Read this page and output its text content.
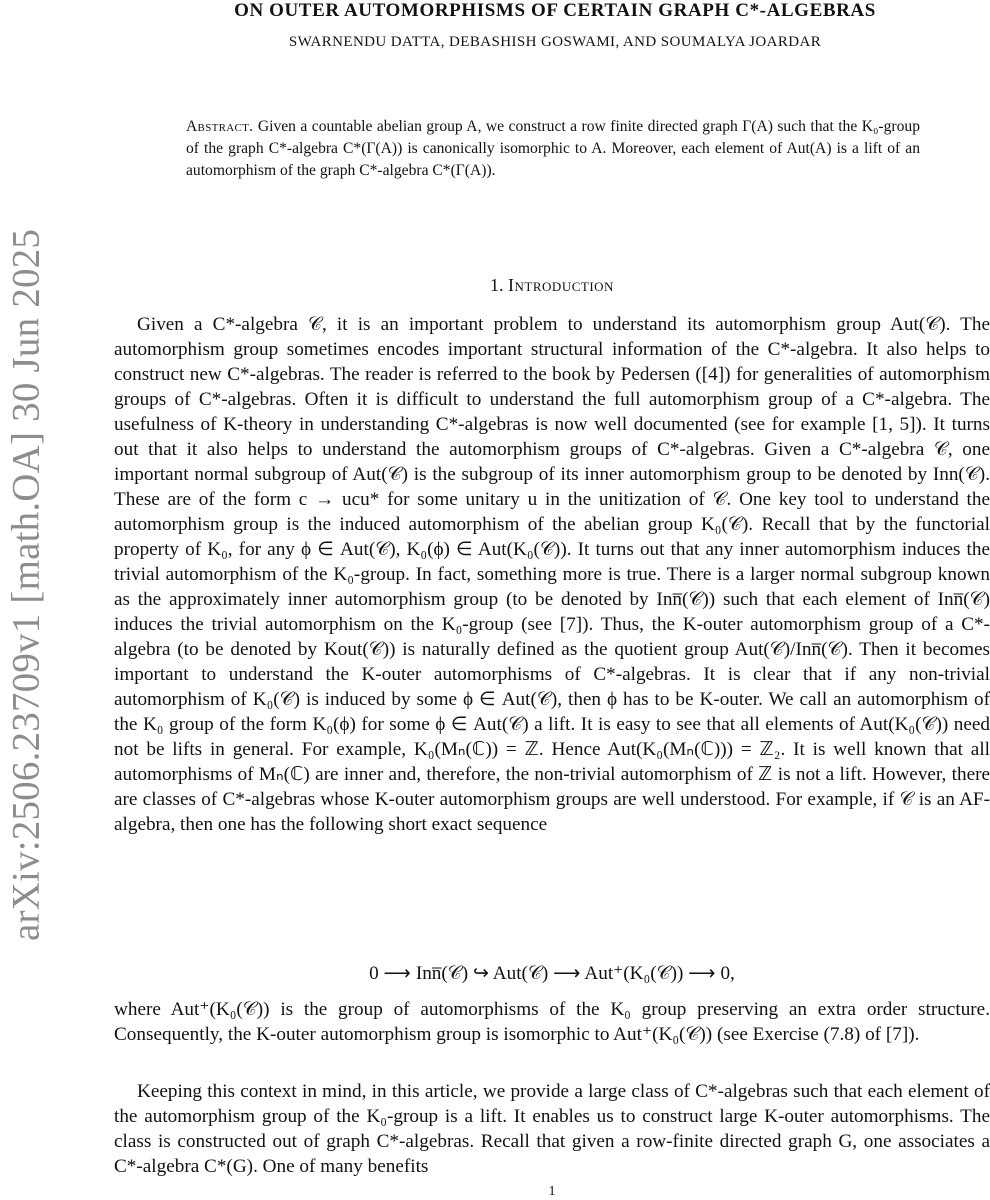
arXiv:2506.23709v1 [math.OA] 30 Jun 2025
ON OUTER AUTOMORPHISMS OF CERTAIN GRAPH C*-ALGEBRAS
SWARNENDU DATTA, DEBASHISH GOSWAMI, AND SOUMALYA JOARDAR
Abstract. Given a countable abelian group A, we construct a row finite directed graph Γ(A) such that the K₀-group of the graph C*-algebra C*(Γ(A)) is canonically isomorphic to A. Moreover, each element of Aut(A) is a lift of an automorphism of the graph C*-algebra C*(Γ(A)).
1. Introduction
Given a C*-algebra 𝒞, it is an important problem to understand its automorphism group Aut(𝒞). The automorphism group sometimes encodes important structural information of the C*-algebra. It also helps to construct new C*-algebras. The reader is referred to the book by Pedersen ([4]) for generalities of automorphism groups of C*-algebras. Often it is difficult to understand the full automorphism group of a C*-algebra. The usefulness of K-theory in understanding C*-algebras is now well documented (see for example [1, 5]). It turns out that it also helps to understand the automorphism groups of C*-algebras. Given a C*-algebra 𝒞, one important normal subgroup of Aut(𝒞) is the subgroup of its inner automorphism group to be denoted by Inn(𝒞). These are of the form c → ucu* for some unitary u in the unitization of 𝒞. One key tool to understand the automorphism group is the induced automorphism of the abelian group K₀(𝒞). Recall that by the functorial property of K₀, for any ϕ ∈ Aut(𝒞), K₀(ϕ) ∈ Aut(K₀(𝒞)). It turns out that any inner automorphism induces the trivial automorphism of the K₀-group. In fact, something more is true. There is a larger normal subgroup known as the approximately inner automorphism group (to be denoted by Inn̅(𝒞)) such that each element of Inn̅(𝒞) induces the trivial automorphism on the K₀-group (see [7]). Thus, the K-outer automorphism group of a C*-algebra (to be denoted by Kout(𝒞)) is naturally defined as the quotient group Aut(𝒞)/Inn̅(𝒞). Then it becomes important to understand the K-outer automorphisms of C*-algebras. It is clear that if any non-trivial automorphism of K₀(𝒞) is induced by some ϕ ∈ Aut(𝒞), then ϕ has to be K-outer. We call an automorphism of the K₀ group of the form K₀(ϕ) for some ϕ ∈ Aut(𝒞) a lift. It is easy to see that all elements of Aut(K₀(𝒞)) need not be lifts in general. For example, K₀(Mₙ(ℂ)) = ℤ. Hence Aut(K₀(Mₙ(ℂ))) = ℤ₂. It is well known that all automorphisms of Mₙ(ℂ) are inner and, therefore, the non-trivial automorphism of ℤ is not a lift. However, there are classes of C*-algebras whose K-outer automorphism groups are well understood. For example, if 𝒞 is an AF-algebra, then one has the following short exact sequence
0 ⟶ Inn̅(𝒞) ↪ Aut(𝒞) ⟶ Aut⁺(K₀(𝒞)) ⟶ 0,
where Aut⁺(K₀(𝒞)) is the group of automorphisms of the K₀ group preserving an extra order structure. Consequently, the K-outer automorphism group is isomorphic to Aut⁺(K₀(𝒞)) (see Exercise (7.8) of [7]).
Keeping this context in mind, in this article, we provide a large class of C*-algebras such that each element of the automorphism group of the K₀-group is a lift. It enables us to construct large K-outer automorphisms. The class is constructed out of graph C*-algebras. Recall that given a row-finite directed graph G, one associates a C*-algebra C*(G). One of many benefits
1
